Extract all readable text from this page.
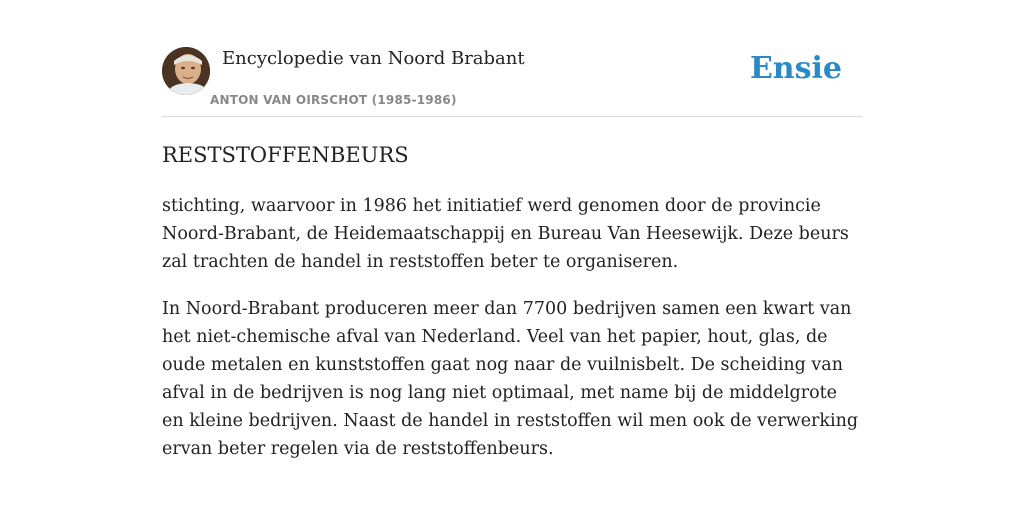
Encyclopedie van Noord Brabant
ANTON VAN OIRSCHOT (1985-1986)
Ensie
RESTSTOFFENBEURS

stichting, waarvoor in 1986 het initiatief werd genomen door de provincie Noord-Brabant, de Heidemaatschappij en Bureau Van Heesewijk. Deze beurs zal trachten de handel in reststoffen beter te organiseren.

In Noord-Brabant produceren meer dan 7700 bedrijven samen een kwart van het niet-chemische afval van Nederland. Veel van het papier, hout, glas, de oude metalen en kunststoffen gaat nog naar de vuilnisbelt. De scheiding van afval in de bedrijven is nog lang niet optimaal, met name bij de middelgrote en kleine bedrijven. Naast de handel in reststoffen wil men ook de verwerking ervan beter regelen via de reststoffenbeurs.
